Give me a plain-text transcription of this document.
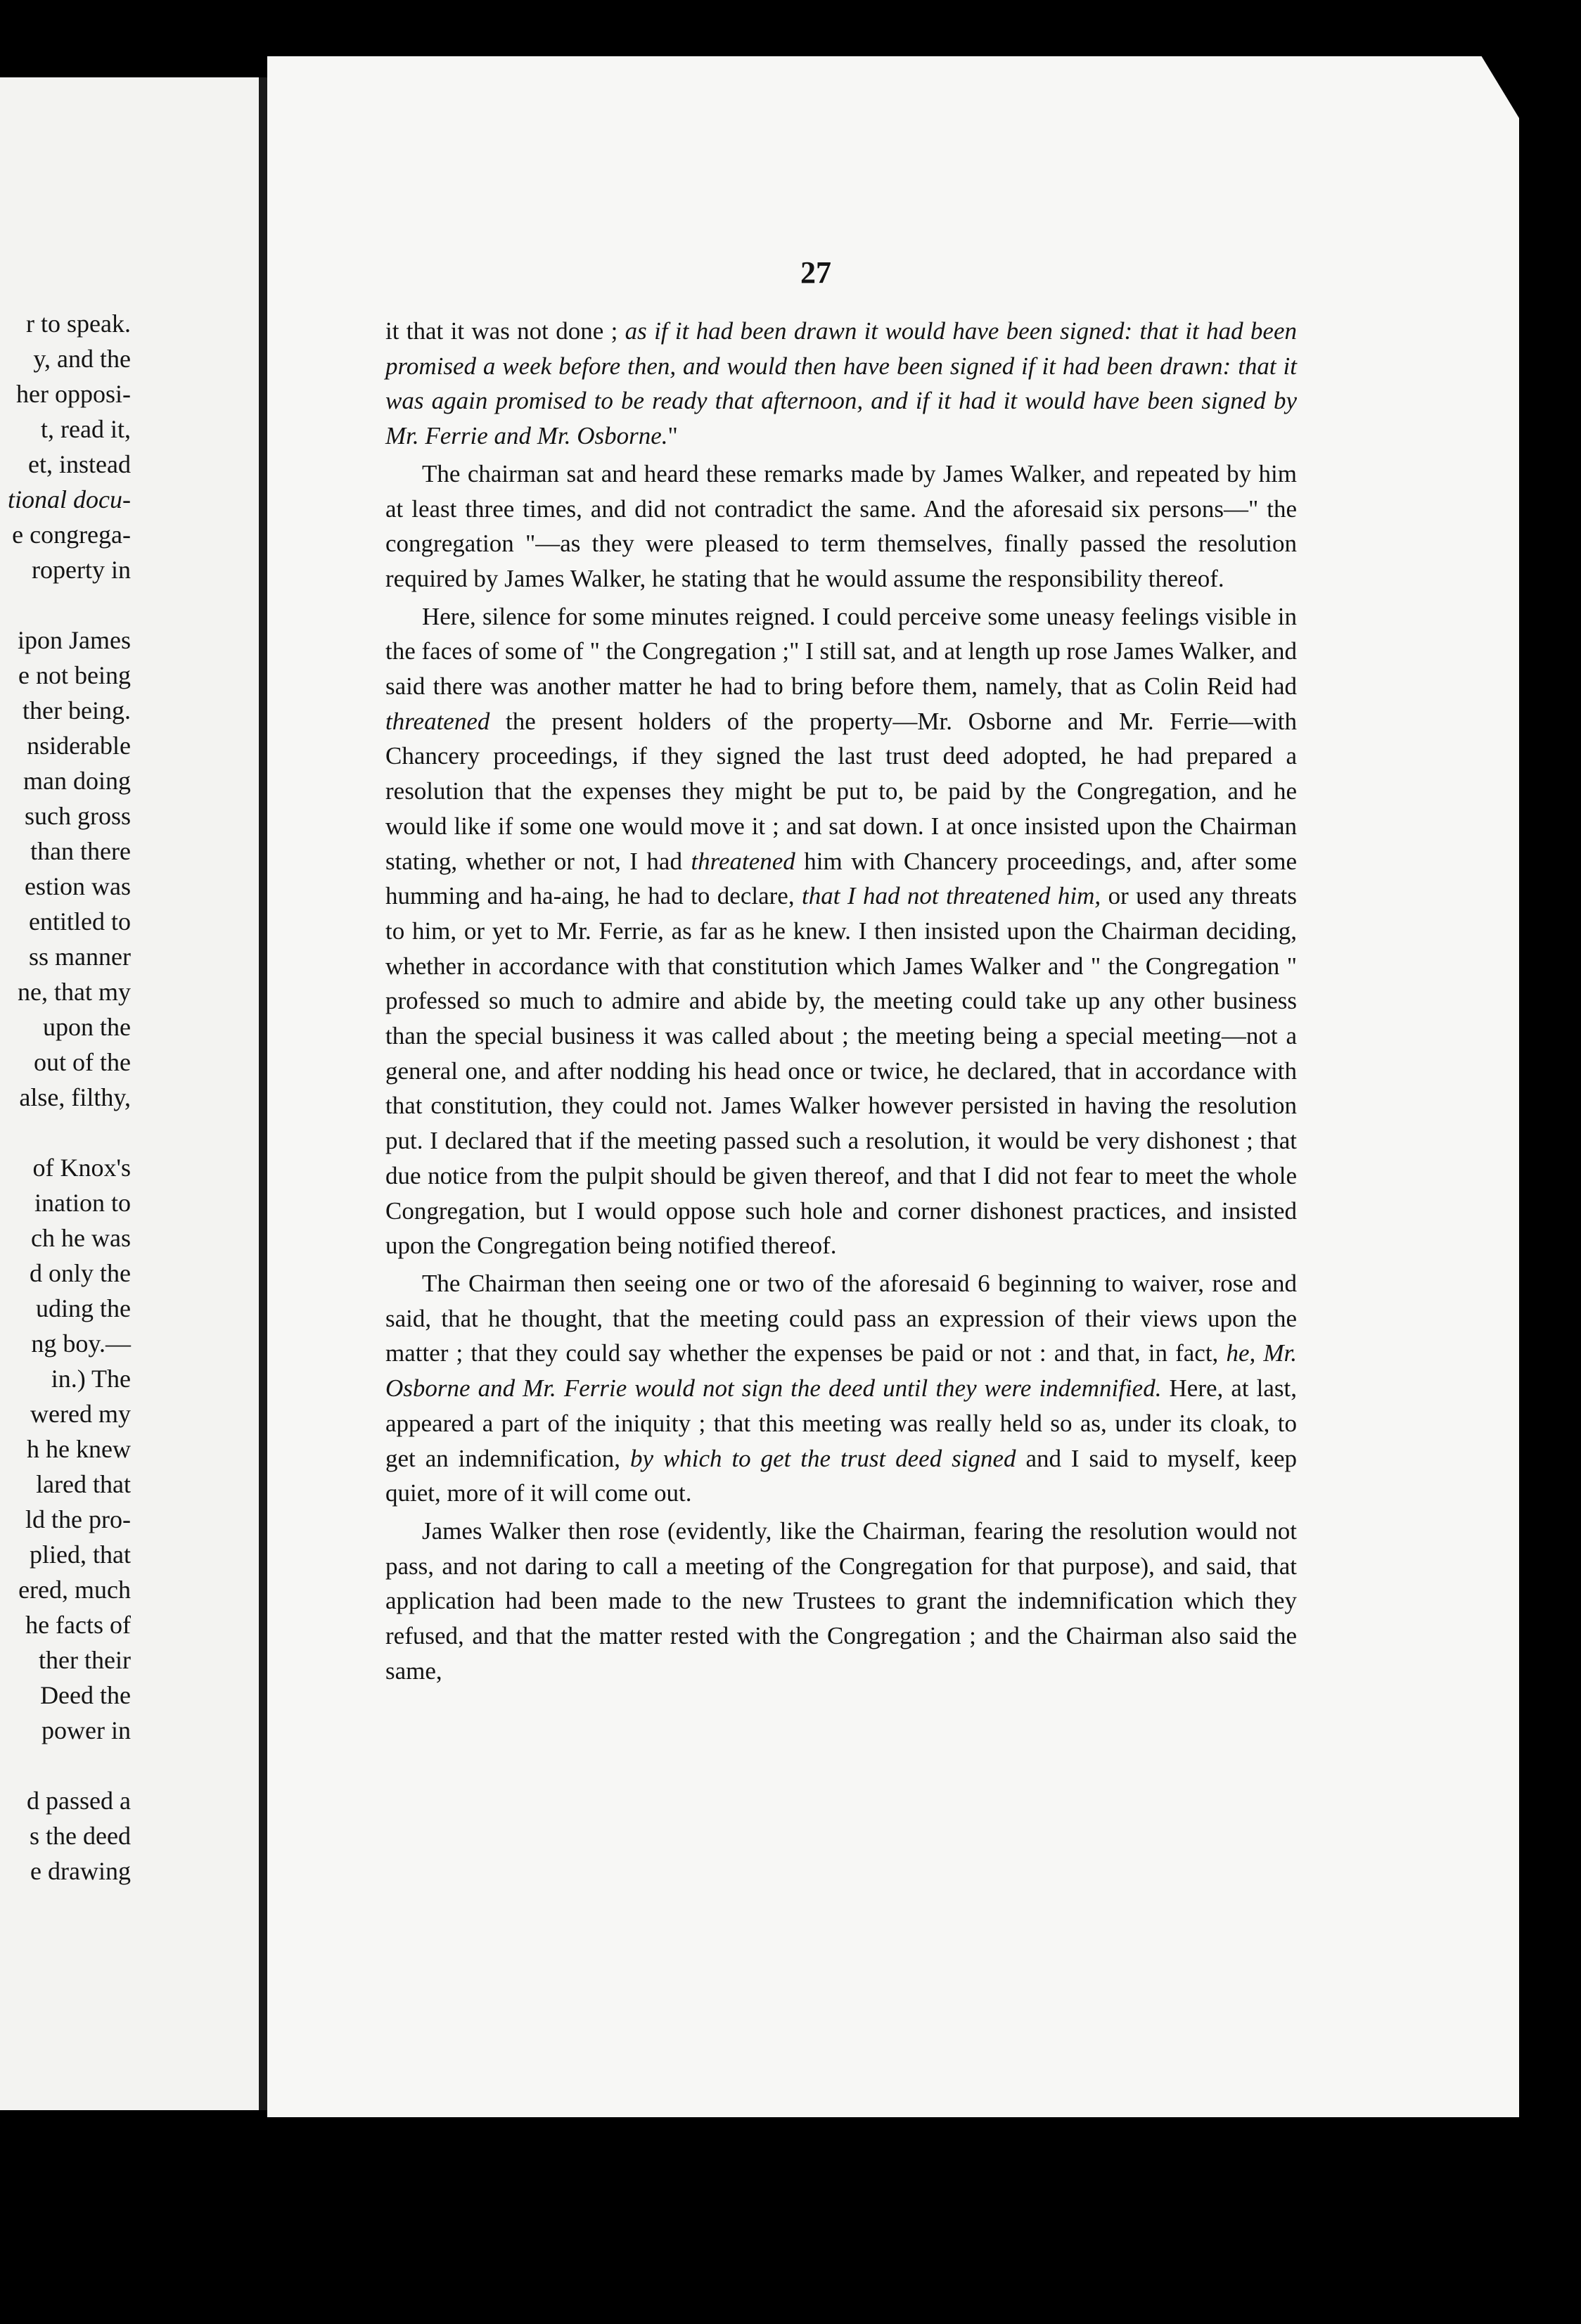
r to speak.
y, and the
her opposi-
t, read it,
et, instead
tional docu-
e congrega-
roperty in
ipon James
e not being
ther being.
nsiderable
man doing
such gross
than there
estion was
entitled to
ss manner
ne, that my
upon the
out of the
alse, filthy,
of Knox's
ination to
ch he was
d only the
uding the
ng boy.—
in.) The
wered my
h he knew
lared that
ld the pro-
plied, that
ered, much
he facts of
ther their
Deed the
power in
d passed a
s the deed
e drawing
27

it that it was not done ; as if it had been drawn it would have been signed: that it had been promised a week before then, and would then have been signed if it had been drawn: that it was again promised to be ready that afternoon, and if it had it would have been signed by Mr. Ferrie and Mr. Osborne."

The chairman sat and heard these remarks made by James Walker, and repeated by him at least three times, and did not contradict the same. And the aforesaid six persons—" the congregation "—as they were pleased to term themselves, finally passed the resolution required by James Walker, he stating that he would assume the responsibility thereof.

Here, silence for some minutes reigned. I could perceive some uneasy feelings visible in the faces of some of " the Congregation ;" I still sat, and at length up rose James Walker, and said there was another matter he had to bring before them, namely, that as Colin Reid had threatened the present holders of the property—Mr. Osborne and Mr. Ferrie—with Chancery proceedings, if they signed the last trust deed adopted, he had prepared a resolution that the expenses they might be put to, be paid by the Congregation, and he would like if some one would move it ; and sat down. I at once insisted upon the Chairman stating, whether or not, I had threatened him with Chancery proceedings, and, after some humming and ha-aing, he had to declare, that I had not threatened him, or used any threats to him, or yet to Mr. Ferrie, as far as he knew. I then insisted upon the Chairman deciding, whether in accordance with that constitution which James Walker and " the Congregation " professed so much to admire and abide by, the meeting could take up any other business than the special business it was called about ; the meeting being a special meeting—not a general one, and after nodding his head once or twice, he declared, that in accordance with that constitution, they could not. James Walker however persisted in having the resolution put. I declared that if the meeting passed such a resolution, it would be very dishonest ; that due notice from the pulpit should be given thereof, and that I did not fear to meet the whole Congregation, but I would oppose such hole and corner dishonest practices, and insisted upon the Congregation being notified thereof.

The Chairman then seeing one or two of the aforesaid 6 beginning to waiver, rose and said, that he thought, that the meeting could pass an expression of their views upon the matter ; that they could say whether the expenses be paid or not : and that, in fact, he, Mr. Osborne and Mr. Ferrie would not sign the deed until they were indemnified. Here, at last, appeared a part of the iniquity ; that this meeting was really held so as, under its cloak, to get an indemnification, by which to get the trust deed signed and I said to myself, keep quiet, more of it will come out.

James Walker then rose (evidently, like the Chairman, fearing the resolution would not pass, and not daring to call a meeting of the Congregation for that purpose), and said, that application had been made to the new Trustees to grant the indemnification which they refused, and that the matter rested with the Congregation ; and the Chairman also said the same,
